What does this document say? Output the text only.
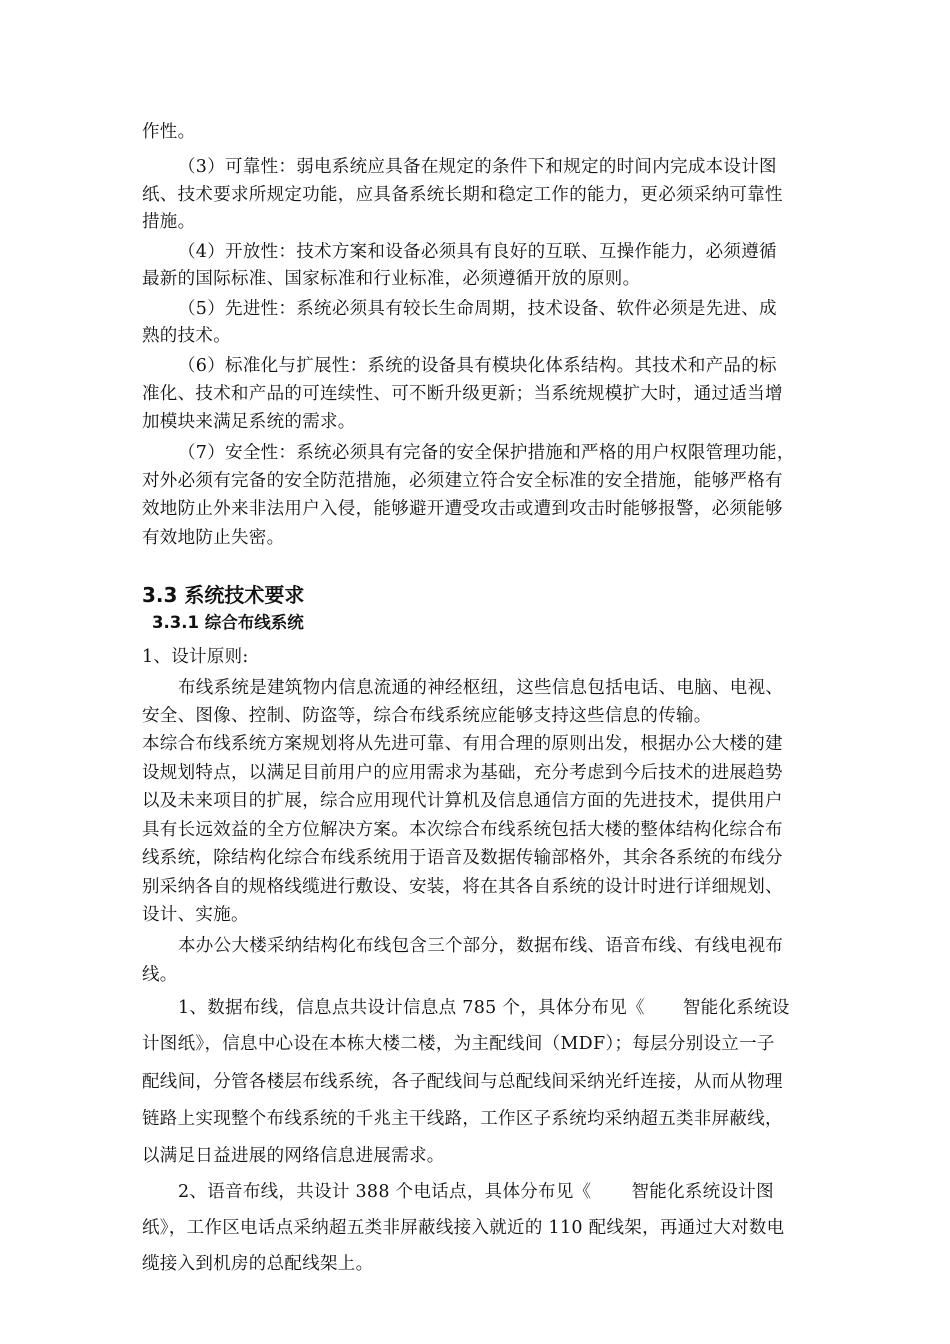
作性。
（3）可靠性：弱电系统应具备在规定的条件下和规定的时间内完成本设计图
纸、技术要求所规定功能，应具备系统长期和稳定工作的能力，更必须采纳可靠性
措施。
（4）开放性：技术方案和设备必须具有良好的互联、互操作能力，必须遵循
最新的国际标准、国家标准和行业标准，必须遵循开放的原则。
（5）先进性：系统必须具有较长生命周期，技术设备、软件必须是先进、成
熟的技术。
（6）标准化与扩展性：系统的设备具有模块化体系结构。其技术和产品的标
准化、技术和产品的可连续性、可不断升级更新；当系统规模扩大时，通过适当增
加模块来满足系统的需求。
（7）安全性：系统必须具有完备的安全保护措施和严格的用户权限管理功能，
对外必须有完备的安全防范措施，必须建立符合安全标准的安全措施，能够严格有
效地防止外来非法用户入侵，能够避开遭受攻击或遭到攻击时能够报警，必须能够
有效地防止失密。
3.3 系统技术要求
3.3.1 综合布线系统
1、设计原则:
布线系统是建筑物内信息流通的神经枢纽，这些信息包括电话、电脑、电视、
安全、图像、控制、防盗等，综合布线系统应能够支持这些信息的传输。
本综合布线系统方案规划将从先进可靠、有用合理的原则出发，根据办公大楼的建
设规划特点，以满足目前用户的应用需求为基础，充分考虑到今后技术的进展趋势
以及未来项目的扩展，综合应用现代计算机及信息通信方面的先进技术，提供用户
具有长远效益的全方位解决方案。本次综合布线系统包括大楼的整体结构化综合布
线系统，除结构化综合布线系统用于语音及数据传输部格外，其余各系统的布线分
别采纳各自的规格线缆进行敷设、安装，将在其各自系统的设计时进行详细规划、
设计、实施。
本办公大楼采纳结构化布线包含三个部分，数据布线、语音布线、有线电视布
线。
1、数据布线，信息点共设计信息点 785 个，具体分布见《 智能化系统设
计图纸》，信息中心设在本栋大楼二楼，为主配线间（MDF）；每层分别设立一子
配线间，分管各楼层布线系统，各子配线间与总配线间采纳光纤连接，从而从物理
链路上实现整个布线系统的千兆主干线路，工作区子系统均采纳超五类非屏蔽线，
以满足日益进展的网络信息进展需求。
2、语音布线，共设计 388 个电话点，具体分布见《 智能化系统设计图
纸》，工作区电话点采纳超五类非屏蔽线接入就近的 110 配线架，再通过大对数电
缆接入到机房的总配线架上。
